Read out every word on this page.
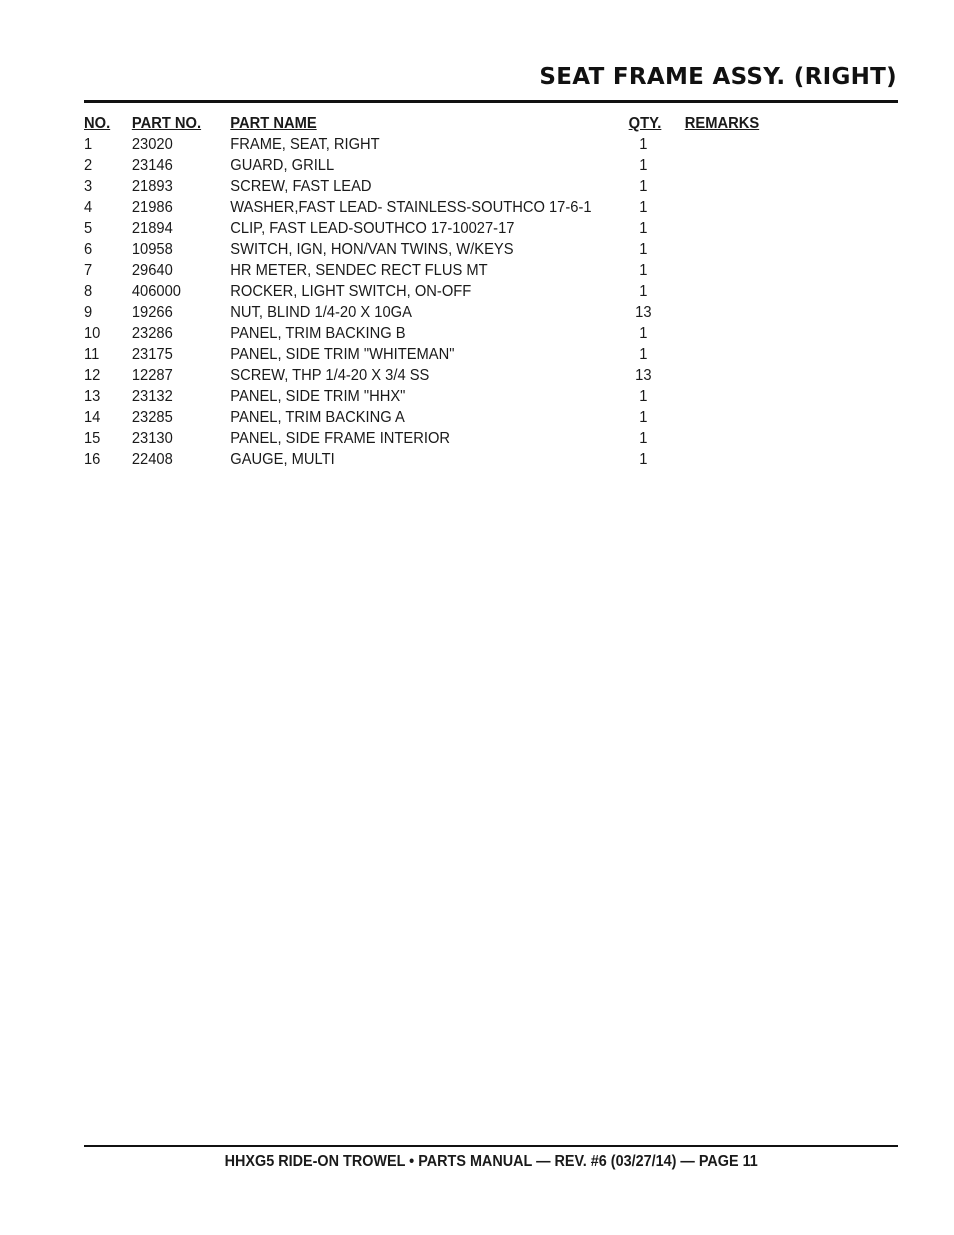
SEAT FRAME ASSY. (RIGHT)
NO.	PART NO.	PART NAME	QTY.	REMARKS
1	23020	FRAME, SEAT, RIGHT	1
2	23146	GUARD, GRILL	1
3	21893	SCREW, FAST LEAD	1
4	21986	WASHER,FAST LEAD- STAINLESS-SOUTHCO 17-6-1	1
5	21894	CLIP, FAST LEAD-SOUTHCO 17-10027-17	1
6	10958	SWITCH, IGN, HON/VAN TWINS, W/KEYS	1
7	29640	HR METER, SENDEC RECT FLUS MT	1
8	406000	ROCKER, LIGHT SWITCH, ON-OFF	1
9	19266	NUT, BLIND 1/4-20 X 10GA	13
10	23286	PANEL, TRIM BACKING B	1
11	23175	PANEL, SIDE TRIM "WHITEMAN"	1
12	12287	SCREW, THP 1/4-20 X 3/4 SS	13
13	23132	PANEL, SIDE TRIM "HHX"	1
14	23285	PANEL, TRIM BACKING A	1
15	23130	PANEL, SIDE FRAME INTERIOR	1
16	22408	GAUGE, MULTI	1
HHXG5 RIDE-ON TROWEL • PARTS MANUAL — REV. #6 (03/27/14) — PAGE 11
